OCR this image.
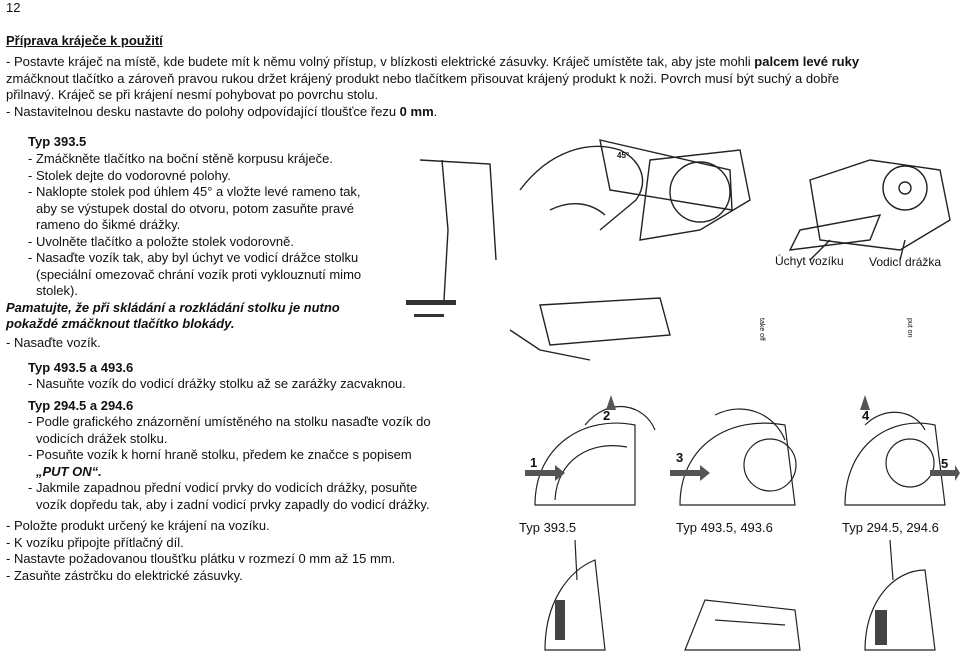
12
Příprava kráječe k použití

- Postavte kráječ na místě, kde budete mít k němu volný přístup, v blízkosti elektrické zásuvky. Kráječ umístěte tak, aby jste mohli palcem levé ruky

zmáčknout tlačítko a zároveň pravou rukou držet krájený produkt nebo tlačítkem přisouvat krájený produkt k noži. Povrch musí být suchý a dobře

přilnavý. Kráječ se při krájení nesmí pohybovat po povrchu stolu.

- Nastavitelnou desku nastavte do polohy odpovídající tloušťce řezu 0 mm.

Typ 393.5
- Zmáčkněte tlačítko na boční stěně korpusu kráječe.
- Stolek dejte do vodorovné polohy.
- Naklopte stolek pod úhlem 45° a vložte levé rameno tak,
aby se výstupek dostal do otvoru, potom zasuňte pravé
rameno do šikmé drážky.
- Uvolněte tlačítko a položte stolek vodorovně.
- Nasaďte vozík tak, aby byl úchyt ve vodicí drážce stolku
(speciální omezovač chrání vozík proti vyklouznutí mimo
stolek).
Pamatujte, že při skládání a rozkládání stolku je nutno
pokaždé zmáčknout tlačítko blokády.
- Nasaďte vozík.
Typ 493.5 a 493.6
- Nasuňte vozík do vodicí drážky stolku až se zarážky zacvaknou.
Typ 294.5 a 294.6
- Podle grafického znázornění umístěného na stolku nasaďte vozík do
vodicích drážek stolku.
- Posuňte vozík k horní hraně stolku, předem ke značce s popisem
„PUT ON“.
- Jakmile zapadnou přední vodicí prvky do vodicích drážky, posuňte
vozík dopředu tak, aby i zadní vodicí prvky zapadly do vodicí drážky.
- Položte produkt určený ke krájení na vozíku.
- K vozíku připojte přítlačný díl.
- Nastavte požadovanou tloušťku plátku v rozmezí 0 mm až 15 mm.
- Zasuňte zástrčku do elektrické zásuvky.
45°
Úchyt vozíku Vodicí drážka
take off	put on
1
2
3
4
5
Typ 393.5	Typ 493.5, 493.6	Typ 294.5, 294.6
